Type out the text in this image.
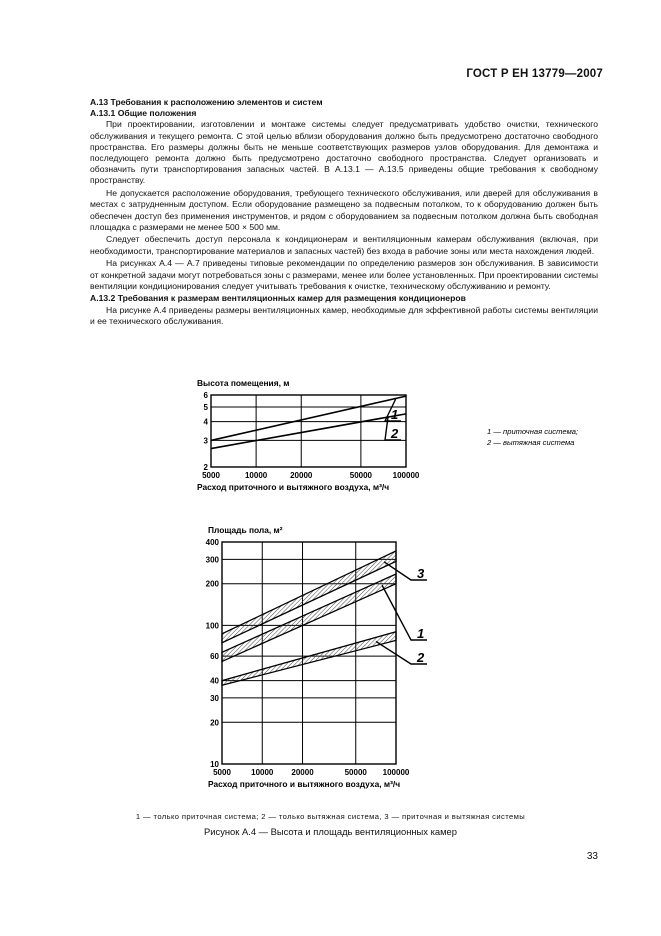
ГОСТ Р ЕН 13779—2007
А.13 Требования к расположению элементов и систем
А.13.1 Общие положения

При проектировании, изготовлении и монтаже системы следует предусматривать удобство очистки, технического обслуживания и текущего ремонта. С этой целью вблизи оборудования должно быть предусмотрено достаточно свободного пространства. Его размеры должны быть не меньше соответствующих размеров узлов оборудования. Для демонтажа и последующего ремонта должно быть предусмотрено достаточно свободного пространства. Следует организовать и обозначить пути транспортирования запасных частей. В А.13.1 — А.13.5 приведены общие требования к свободному пространству.

Не допускается расположение оборудования, требующего технического обслуживания, или дверей для обслуживания в местах с затрудненным доступом. Если оборудование размещено за подвесным потолком, то к оборудованию должен быть обеспечен доступ без применения инструментов, и рядом с оборудованием за подвесным потолком должна быть свободная площадка с размерами не менее 500 × 500 мм.

Следует обеспечить доступ персонала к кондиционерам и вентиляционным камерам обслуживания (включая, при необходимости, транспортирование материалов и запасных частей) без входа в рабочие зоны или места нахождения людей.

На рисунках А.4 — А.7 приведены типовые рекомендации по определению размеров зон обслуживания. В зависимости от конкретной задачи могут потребоваться зоны с размерами, менее или более установленных. При проектировании системы вентиляции кондиционирования следует учитывать требования к очистке, техническому обслуживанию и ремонту.

А.13.2 Требования к размерам вентиляционных камер для размещения кондиционеров

На рисунке А.4 приведены размеры вентиляционных камер, необходимые для эффективной работы системы вентиляции и ее технического обслуживания.

5000	10000	20000	50000	100000
2
3
4
5
6
Высота помещения, м
Расход приточного и вытяжного воздуха, м³/ч
1
2
5000	10000 20000	50000 100000
10
20
30
40
60
100
200
300
400
Площадь пола, м²
Расход приточного и вытяжного воздуха, м³/ч
3
1
2
1 — приточная система;
2 — вытяжная система
1 — только приточная система; 2 — только вытяжная система, 3 — приточная и вытяжная системы
Рисунок А.4 — Высота и площадь вентиляционных камер
33
